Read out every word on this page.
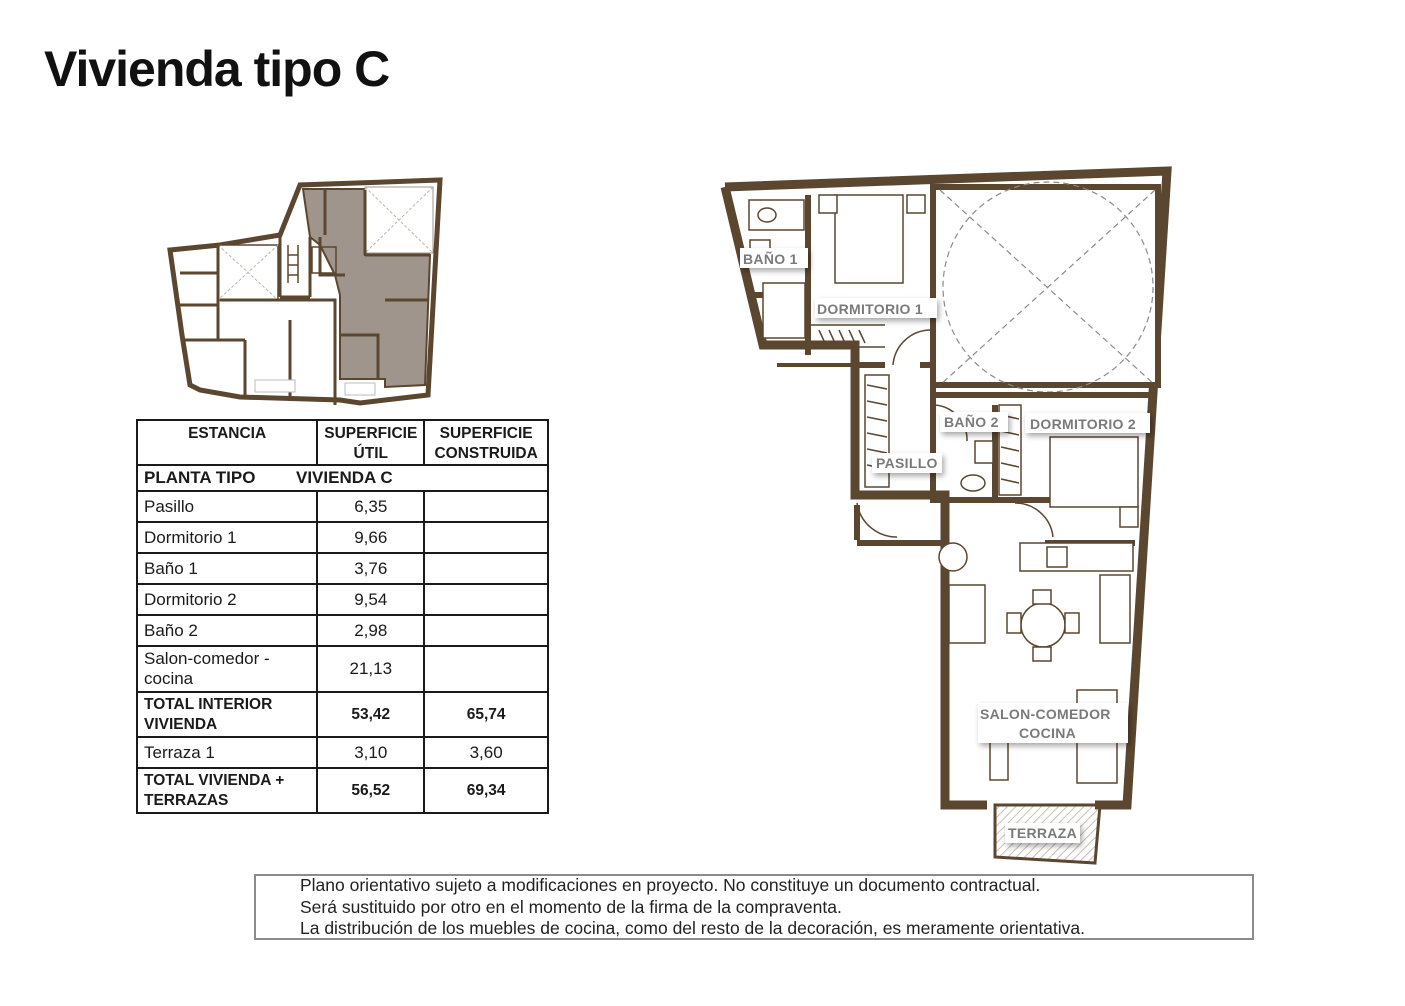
Vivienda tipo C
ESTANCIA	SUPERFICIE ÚTIL	SUPERFICIE CONSTRUIDA
PLANTA TIPO VIVIENDA C		
Pasillo	6,35	
Dormitorio 1	9,66	
Baño 1	3,76	
Dormitorio 2	9,54	
Baño 2	2,98	
Salon-comedor - cocina	21,13	
TOTAL INTERIOR VIVIENDA	53,42	65,74
Terraza 1	3,10	3,60
TOTAL VIVIENDA + TERRAZAS	56,52	69,34
BAÑO 1
DORMITORIO 1
BAÑO 2 DORMITORIO 2
PASILLO
SALON-COMEDOR
COCINA
TERRAZA

Plano orientativo sujeto a modificaciones en proyecto. No constituye un documento contractual.

Será sustituido por otro en el momento de la firma de la compraventa.

La distribución de los muebles de cocina, como del resto de la decoración, es meramente orientativa.
